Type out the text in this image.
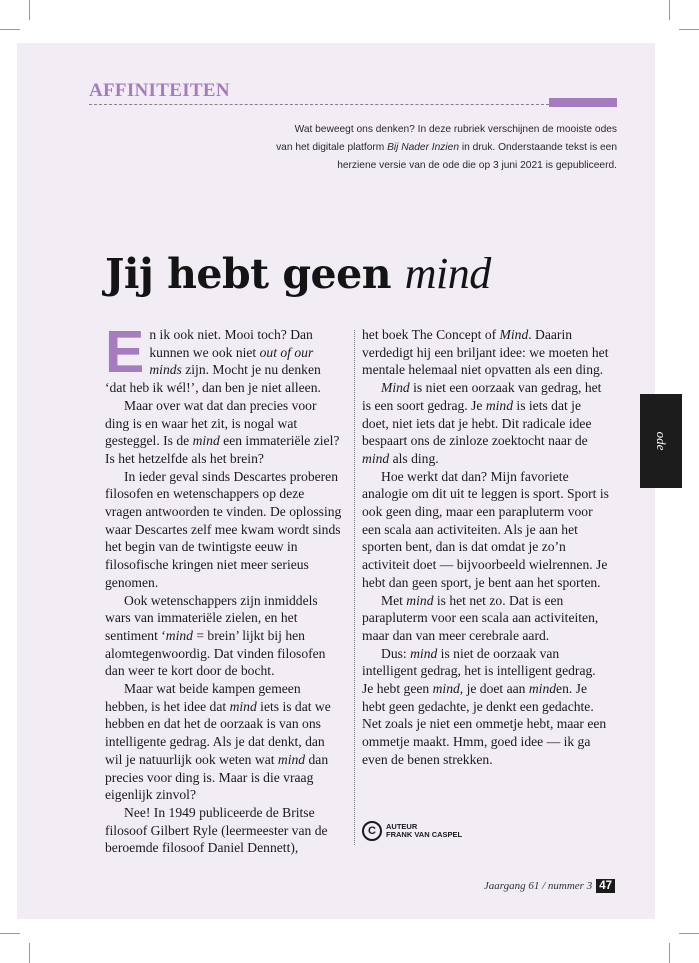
AFFINITEITEN
Wat beweegt ons denken? In deze rubriek verschijnen de mooiste odes
van het digitale platform Bij Nader Inzien in druk. Onderstaande tekst is een
herziene versie van de ode die op 3 juni 2021 is gepubliceerd.
Jij hebt geen mind

En ik ook niet. Mooi toch? Dan kunnen we ook niet out of our minds zijn. Mocht je nu denken ‘dat heb ik wél!’, dan ben je niet alleen.

Maar over wat dat dan precies voor ding is en waar het zit, is nogal wat gesteggel. Is de mind een immateriële ziel? Is het hetzelfde als het brein?

In ieder geval sinds Descartes proberen filosofen en wetenschappers op deze vragen antwoorden te vinden. De oplossing waar Descartes zelf mee kwam wordt sinds het begin van de twintigste eeuw in filosofische kringen niet meer serieus genomen.

Ook wetenschappers zijn inmiddels wars van immateriële zielen, en het sentiment ‘mind = brein’ lijkt bij hen alomtegenwoordig. Dat vinden filosofen dan weer te kort door de bocht.

Maar wat beide kampen gemeen hebben, is het idee dat mind iets is dat we hebben en dat het de oorzaak is van ons intelligente gedrag. Als je dat denkt, dan wil je natuurlijk ook weten wat mind dan precies voor ding is. Maar is die vraag eigenlijk zinvol?

Nee! In 1949 publiceerde de Britse filosoof Gilbert Ryle (leermeester van de beroemde filosoof Daniel Dennett),

het boek The Concept of Mind. Daarin verdedigt hij een briljant idee: we moeten het mentale helemaal niet opvatten als een ding.

Mind is niet een oorzaak van gedrag, het is een soort gedrag. Je mind is iets dat je doet, niet iets dat je hebt. Dit radicale idee bespaart ons de zinloze zoektocht naar de mind als ding.

Hoe werkt dat dan? Mijn favoriete analogie om dit uit te leggen is sport. Sport is ook geen ding, maar een parapluterm voor een scala aan activiteiten. Als je aan het sporten bent, dan is dat omdat je zo’n activiteit doet — bijvoorbeeld wielrennen. Je hebt dan geen sport, je bent aan het sporten.

Met mind is het net zo. Dat is een parapluterm voor een scala aan activiteiten, maar dan van meer cerebrale aard.

Dus: mind is niet de oorzaak van intelligent gedrag, het is intelligent gedrag. Je hebt geen mind, je doet aan minden. Je hebt geen gedachte, je denkt een gedachte. Net zoals je niet een ommetje hebt, maar een ommetje maakt. Hmm, goed idee — ik ga even de benen strekken.

C	AUTEUR
FRANK VAN CASPEL
Jaargang 61 / nummer 3 47
ode
